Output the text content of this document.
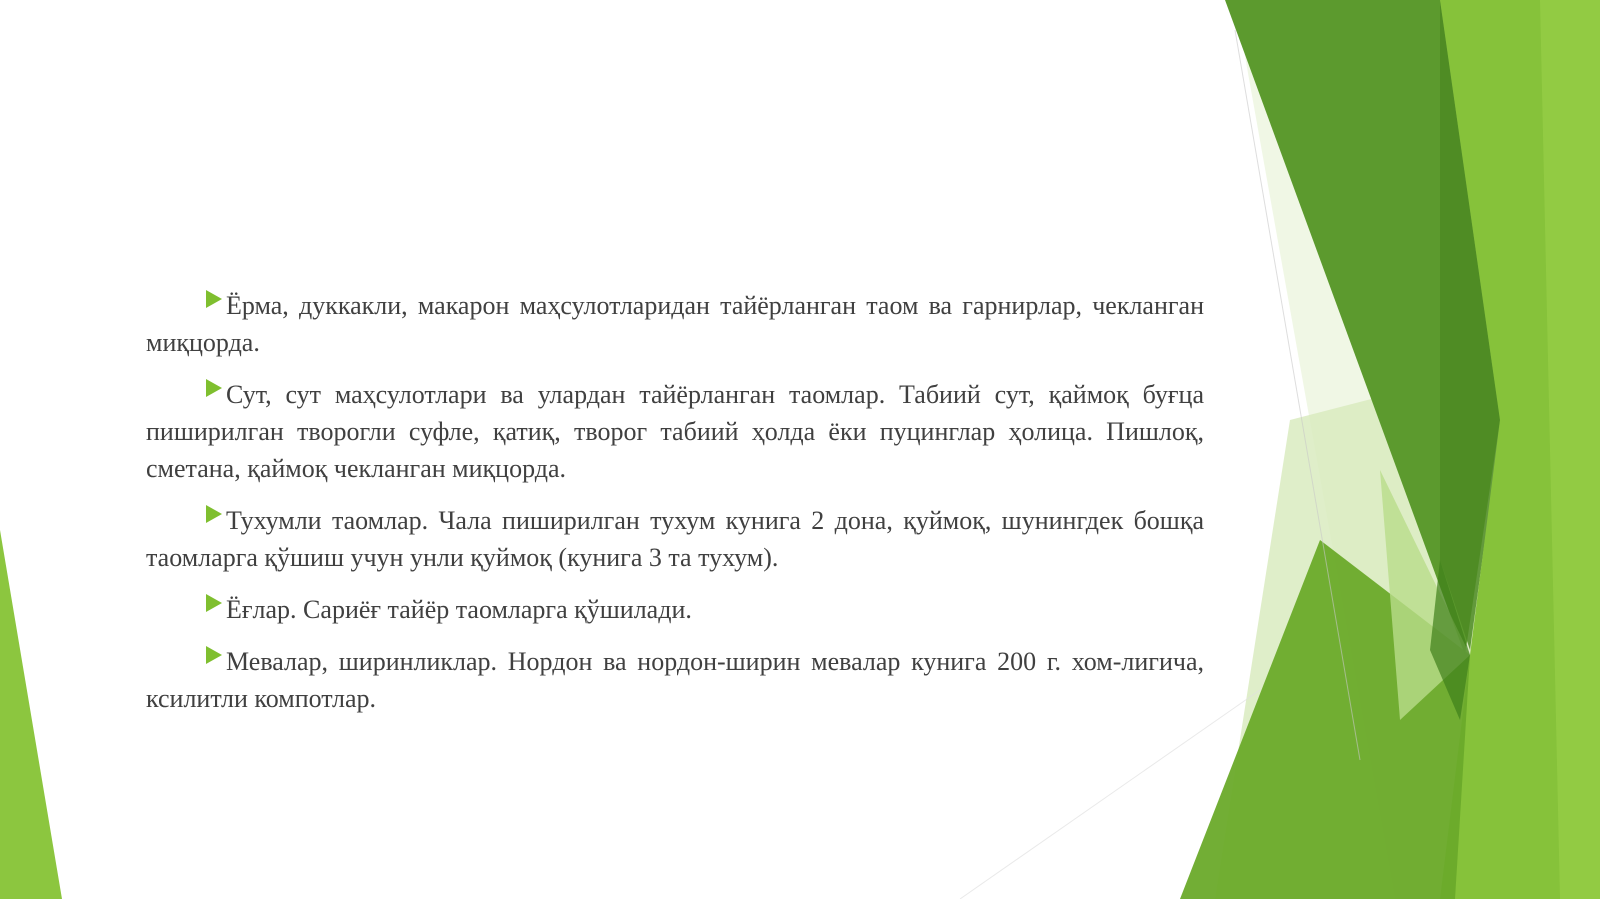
Ёрма, дуккакли, макарон маҳсулотларидан тайёрланган таом ва гарнирлар, чекланган миқцорда.

Сут, сут маҳсулотлари ва улардан тайёрланган таомлар. Табиий сут, қаймоқ буғца пиширилган творогли суфле, қатиқ, творог табиий ҳолда ёки пуцинглар ҳолица. Пишлоқ, сметана, қаймоқ чекланган миқцорда.

Тухумли таомлар. Чала пиширилган тухум кунига 2 дона, қуймоқ, шунингдек бошқа таомларга қўшиш учун унли қуймоқ (кунига 3 та тухум).

Ёғлар. Сариёғ тайёр таомларга қўшилади.

Мевалар, ширинликлар. Нордон ва нордон-ширин мевалар кунига 200 г. хом-лигича, ксилитли компотлар.
